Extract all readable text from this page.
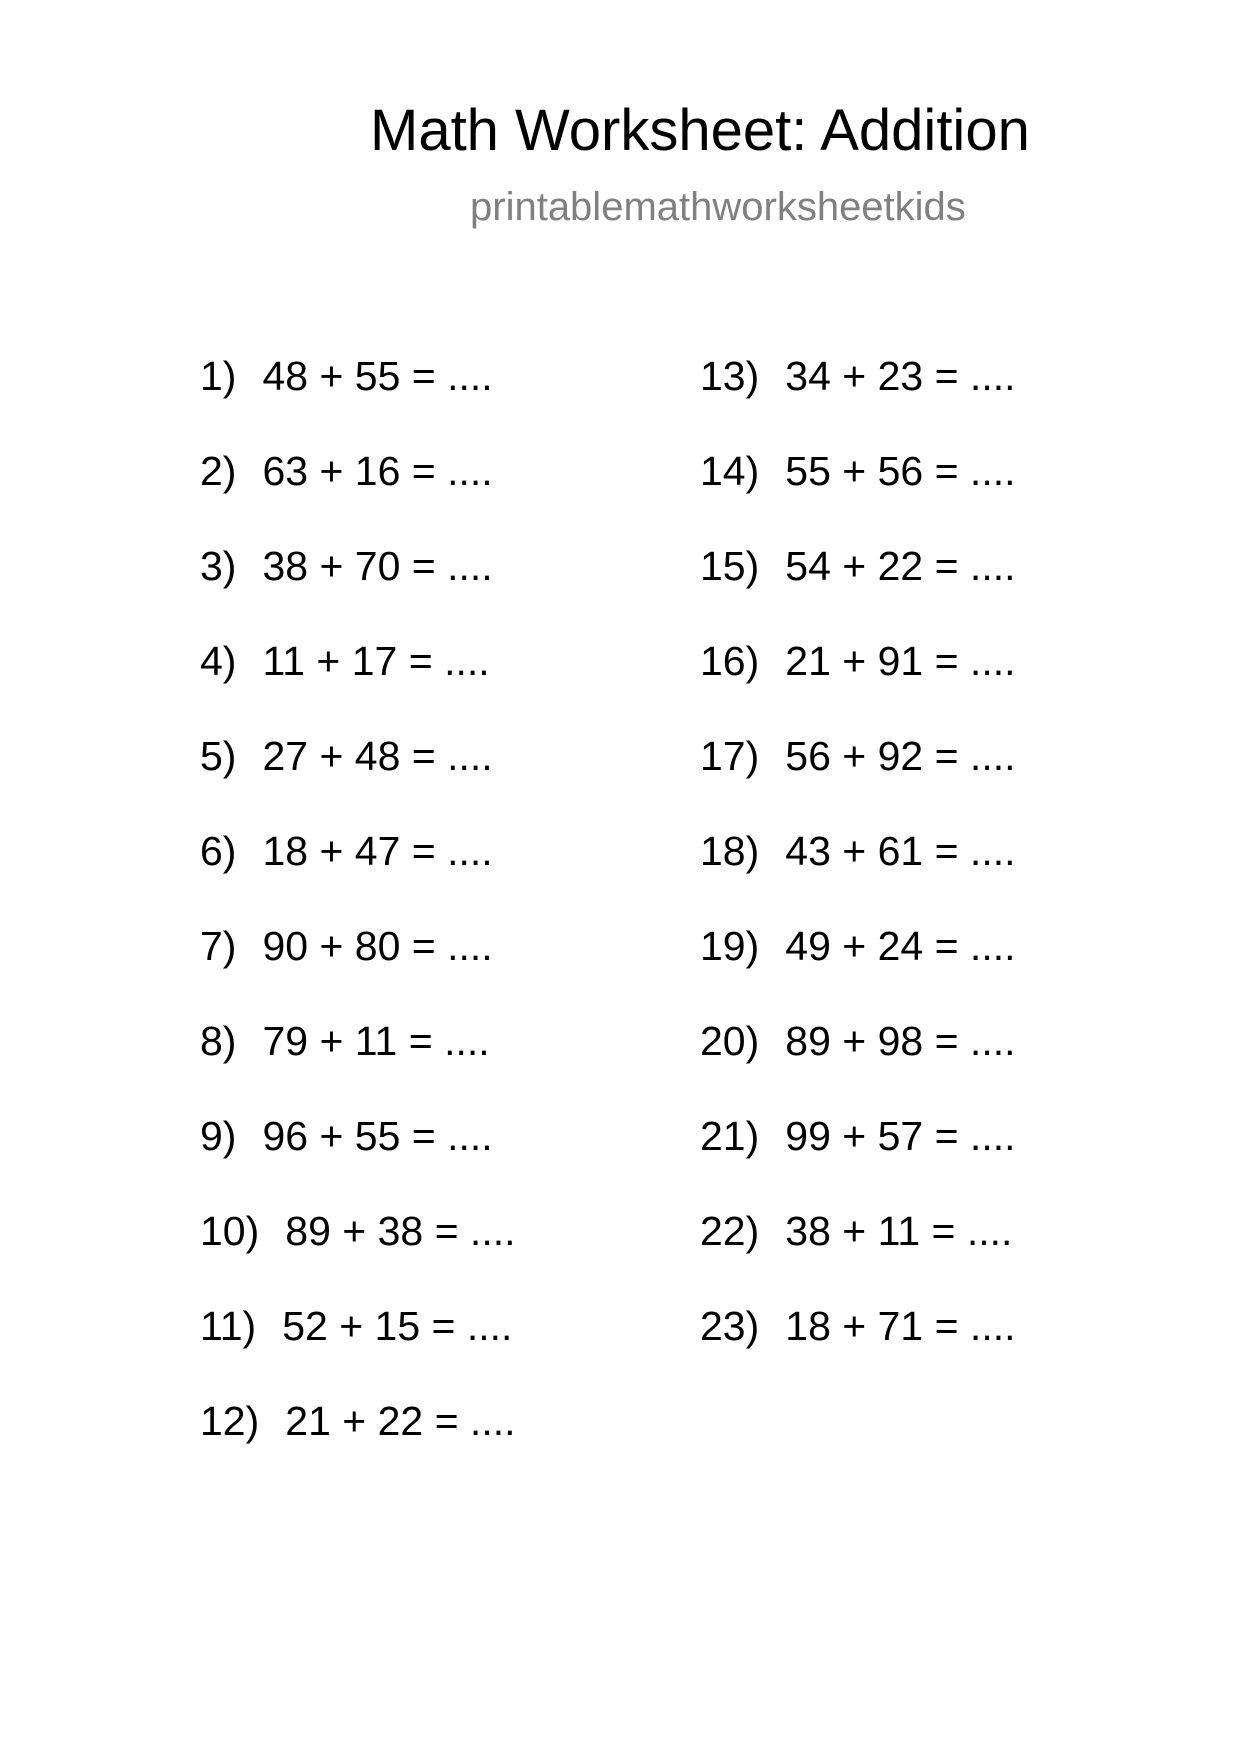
Math Worksheet: Addition
printablemathworksheetkids
1) 48 + 55 = ....
2) 63 + 16 = ....
3) 38 + 70 = ....
4) 11 + 17 = ....
5) 27 + 48 = ....
6) 18 + 47 = ....
7) 90 + 80 = ....
8) 79 + 11 = ....
9) 96 + 55 = ....
10) 89 + 38 = ....
11) 52 + 15 = ....
12) 21 + 22 = ....
13) 34 + 23 = ....
14) 55 + 56 = ....
15) 54 + 22 = ....
16) 21 + 91 = ....
17) 56 + 92 = ....
18) 43 + 61 = ....
19) 49 + 24 = ....
20) 89 + 98 = ....
21) 99 + 57 = ....
22) 38 + 11 = ....
23) 18 + 71 = ....
